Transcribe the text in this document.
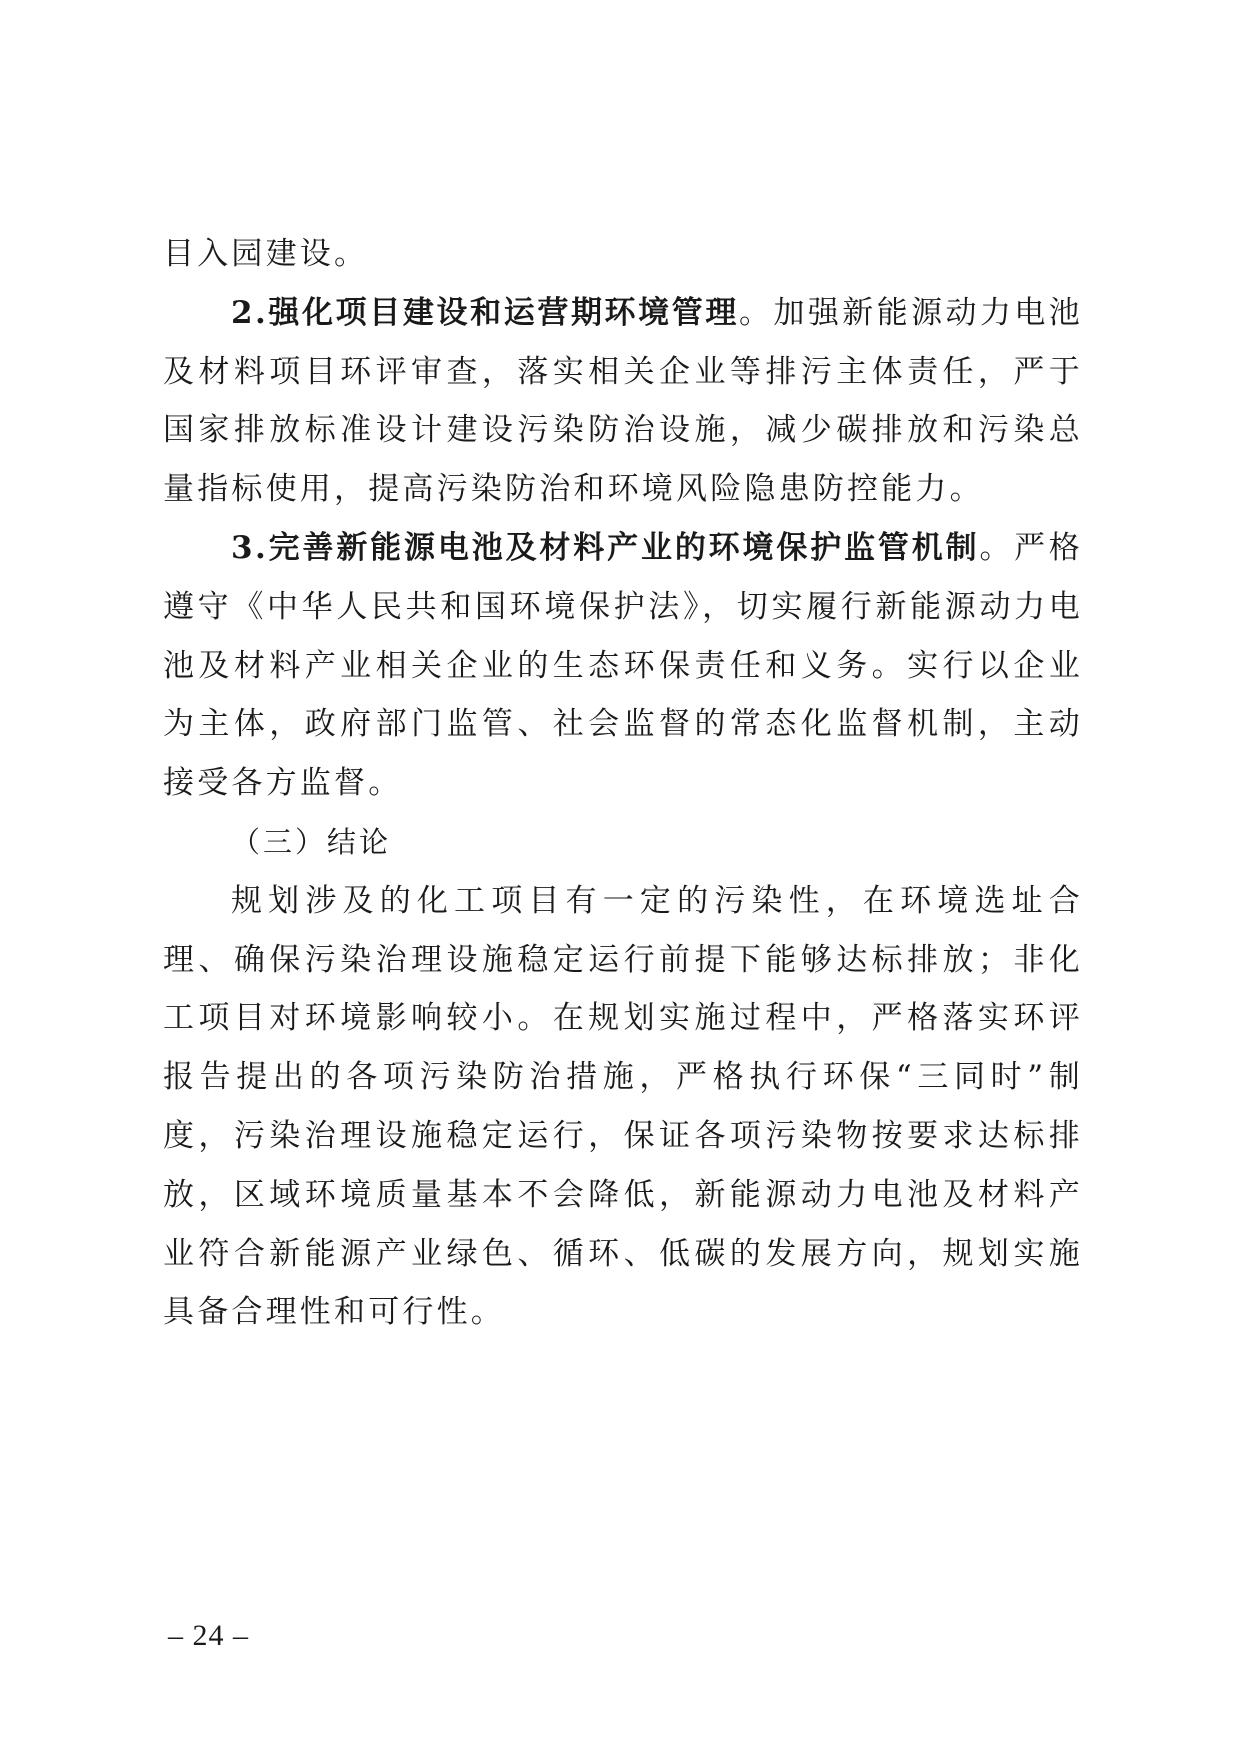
目入园建设。

2.强化项目建设和运营期环境管理。加强新能源动力电池及材料项目环评审查，落实相关企业等排污主体责任，严于国家排放标准设计建设污染防治设施，减少碳排放和污染总量指标使用，提高污染防治和环境风险隐患防控能力。

3.完善新能源电池及材料产业的环境保护监管机制。严格遵守《中华人民共和国环境保护法》，切实履行新能源动力电池及材料产业相关企业的生态环保责任和义务。实行以企业为主体，政府部门监管、社会监督的常态化监督机制，主动接受各方监督。

（三）结论

规划涉及的化工项目有一定的污染性，在环境选址合理、确保污染治理设施稳定运行前提下能够达标排放；非化工项目对环境影响较小。在规划实施过程中，严格落实环评报告提出的各项污染防治措施，严格执行环保“三同时”制度，污染治理设施稳定运行，保证各项污染物按要求达标排放，区域环境质量基本不会降低，新能源动力电池及材料产业符合新能源产业绿色、循环、低碳的发展方向，规划实施具备合理性和可行性。

– 24 –
